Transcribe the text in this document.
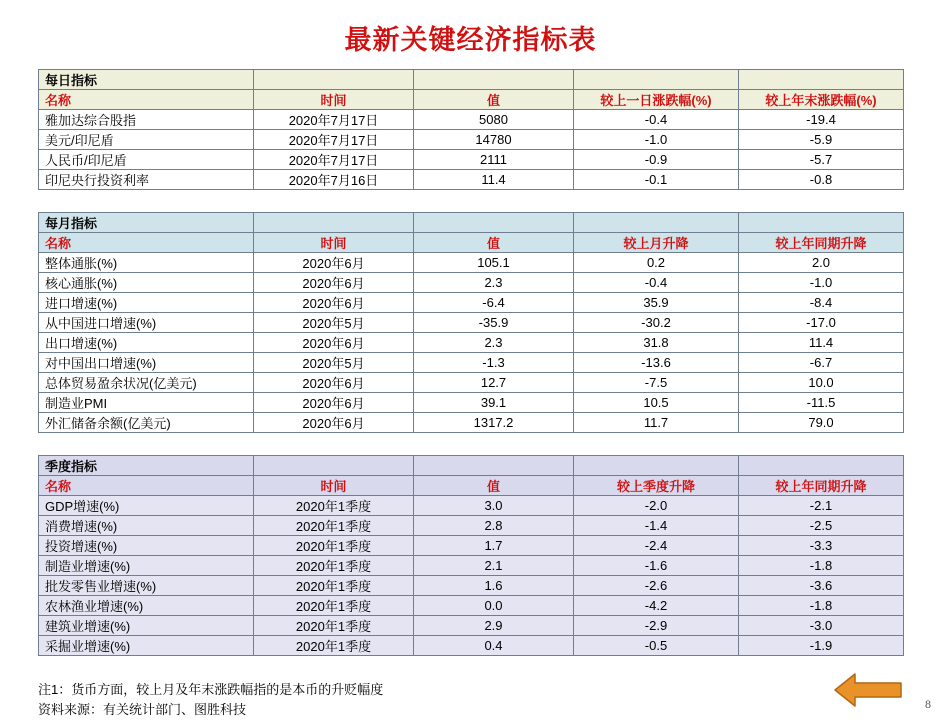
最新关键经济指标表
每日指标				
名称	时间	值	较上一日涨跌幅(%)	较上年末涨跌幅(%)
雅加达综合股指	2020年7月17日	5080	-0.4	-19.4
美元/印尼盾	2020年7月17日	14780	-1.0	-5.9
人民币/印尼盾	2020年7月17日	2111	-0.9	-5.7
印尼央行投资利率	2020年7月16日	11.4	-0.1	-0.8
每月指标				
名称	时间	值	较上月升降	较上年同期升降
整体通胀(%)	2020年6月	105.1	0.2	2.0
核心通胀(%)	2020年6月	2.3	-0.4	-1.0
进口增速(%)	2020年6月	-6.4	35.9	-8.4
从中国进口增速(%)	2020年5月	-35.9	-30.2	-17.0
出口增速(%)	2020年6月	2.3	31.8	11.4
对中国出口增速(%)	2020年5月	-1.3	-13.6	-6.7
总体贸易盈余状况(亿美元)	2020年6月	12.7	-7.5	10.0
制造业PMI	2020年6月	39.1	10.5	-11.5
外汇储备余额(亿美元)	2020年6月	1317.2	11.7	79.0
季度指标				
名称	时间	值	较上季度升降	较上年同期升降
GDP增速(%)	2020年1季度	3.0	-2.0	-2.1
消费增速(%)	2020年1季度	2.8	-1.4	-2.5
投资增速(%)	2020年1季度	1.7	-2.4	-3.3
制造业增速(%)	2020年1季度	2.1	-1.6	-1.8
批发零售业增速(%)	2020年1季度	1.6	-2.6	-3.6
农林渔业增速(%)	2020年1季度	0.0	-4.2	-1.8
建筑业增速(%)	2020年1季度	2.9	-2.9	-3.0
采掘业增速(%)	2020年1季度	0.4	-0.5	-1.9
注1：货币方面，较上月及年末涨跌幅指的是本币的升贬幅度
资料来源：有关统计部门、图胜科技	8
